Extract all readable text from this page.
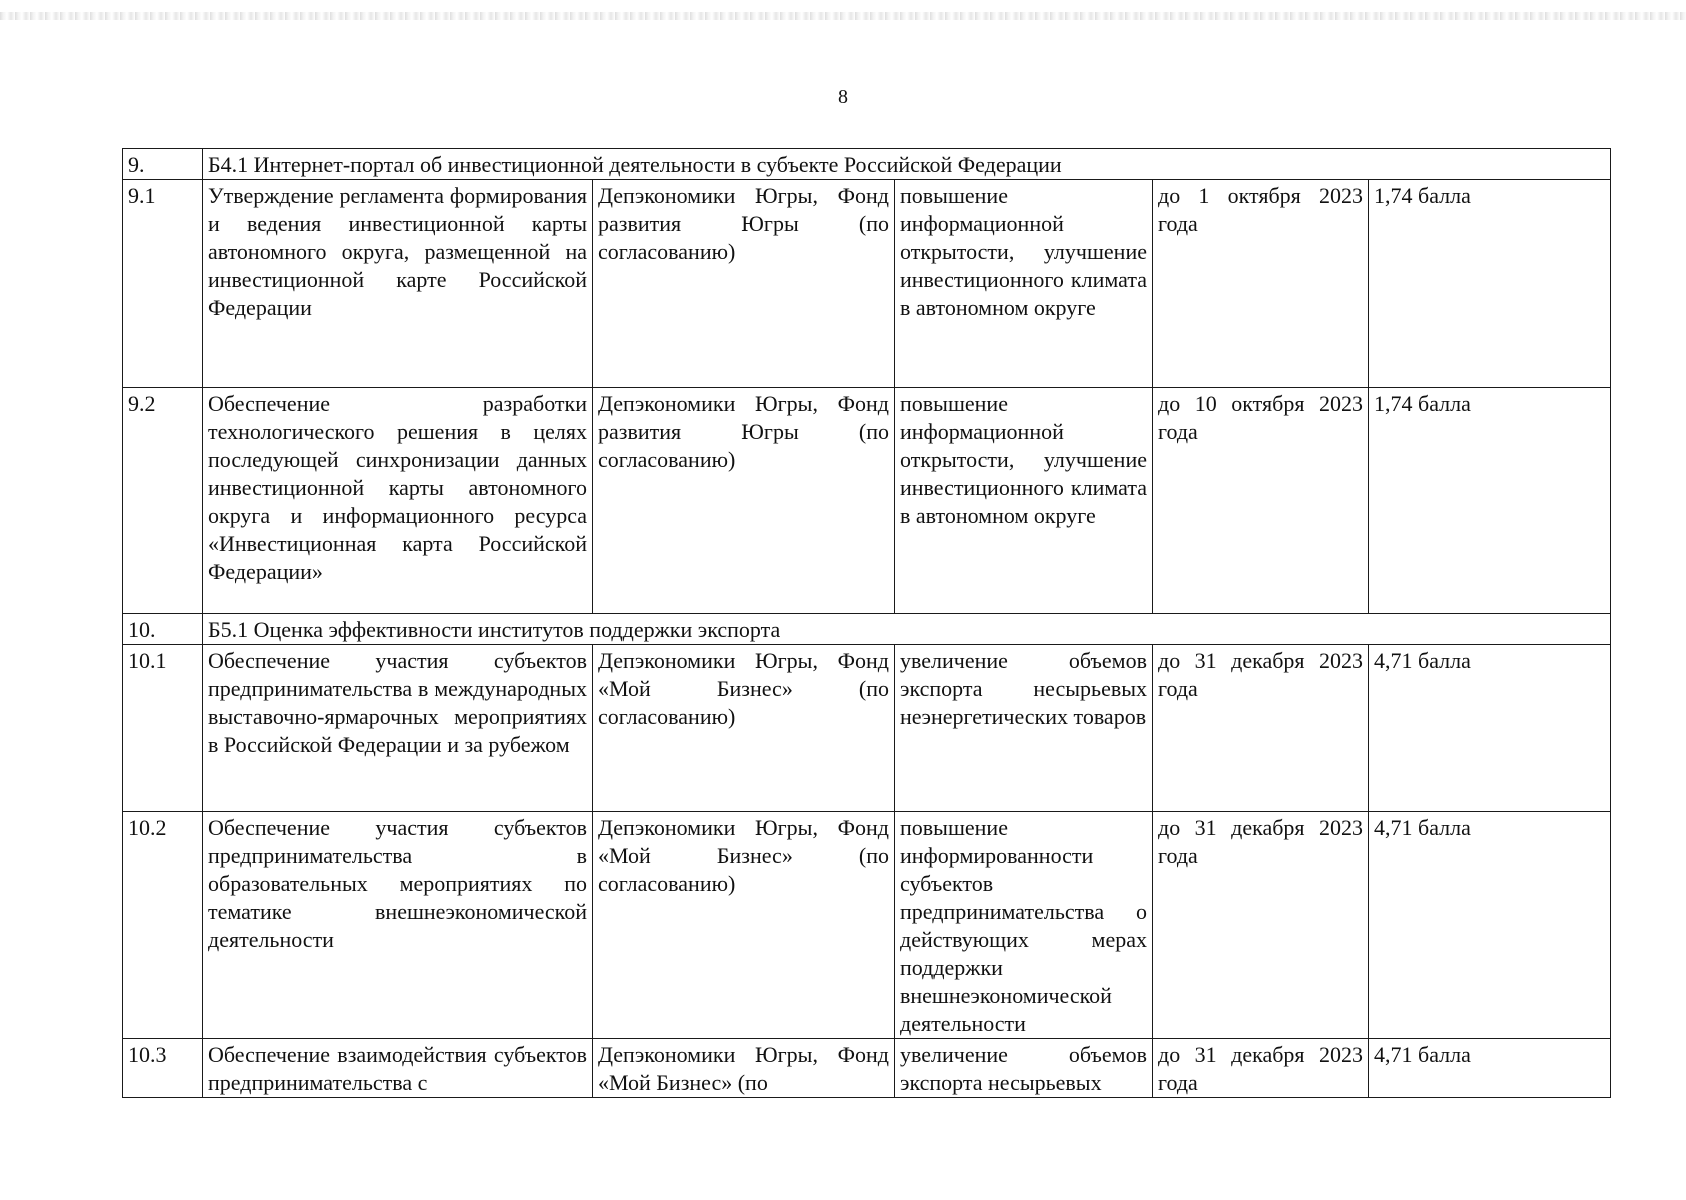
8
9.	Б4.1 Интернет-портал об инвестиционной деятельности в субъекте Российской Федерации				
9.1	Утверждение регламента формирования и ведения инвестиционной карты автономного округа, размещенной на инвестиционной карте Российской Федерации	Депэкономики Югры, Фонд развития Югры (по согласованию)	повышение информационной открытости, улучшение инвестиционного климата в автономном округе	до 1 октября 2023 года	1,74 балла
9.2	Обеспечение разработки технологического решения в целях последующей синхронизации данных инвестиционной карты автономного округа и информационного ресурса «Инвестиционная карта Российской Федерации»	Депэкономики Югры, Фонд развития Югры (по согласованию)	повышение информационной открытости, улучшение инвестиционного климата в автономном округе	до 10 октября 2023 года	1,74 балла
10.	Б5.1 Оценка эффективности институтов поддержки экспорта				
10.1	Обеспечение участия субъектов предпринимательства в международных выставочно-ярмарочных мероприятиях в Российской Федерации и за рубежом	Депэкономики Югры, Фонд «Мой Бизнес» (по согласованию)	увеличение объемов экспорта несырьевых неэнергетических товаров	до 31 декабря 2023 года	4,71 балла
10.2	Обеспечение участия субъектов предпринимательства в образовательных мероприятиях по тематике внешнеэкономической деятельности	Депэкономики Югры, Фонд «Мой Бизнес» (по согласованию)	повышение информированности субъектов предпринимательства о действующих мерах поддержки внешнеэкономической деятельности	до 31 декабря 2023 года	4,71 балла
10.3	Обеспечение взаимодействия субъектов предпринимательства с	Депэкономики Югры, Фонд «Мой Бизнес» (по	увеличение объемов экспорта несырьевых	до 31 декабря 2023 года	4,71 балла
